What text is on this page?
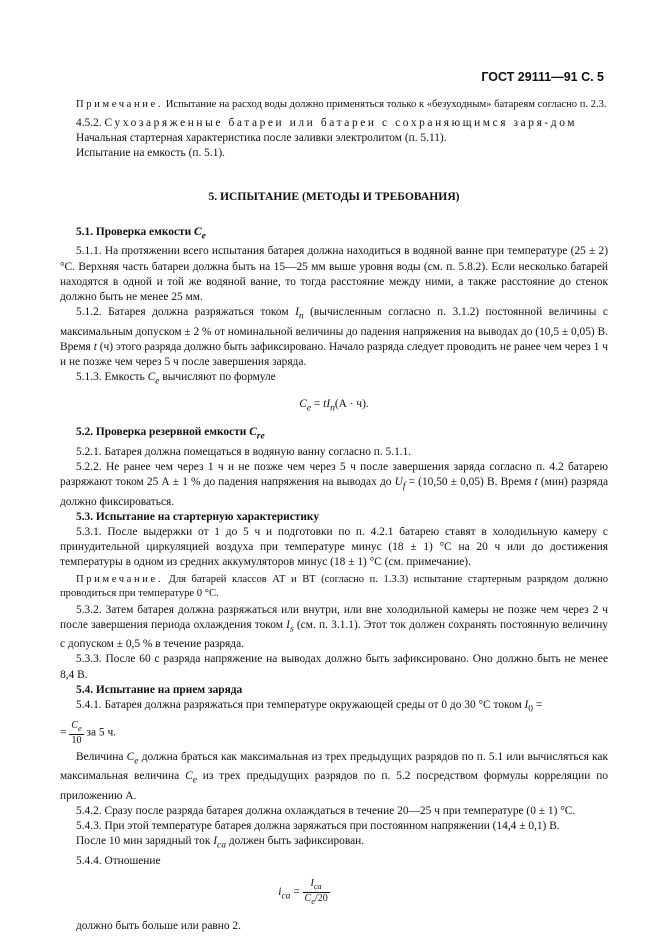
ГОСТ 29111—91 С. 5

Примечание. Испытание на расход воды должно применяться только к «безуходным» батареям согласно п. 2.3.

4.5.2. Сухозаряженные батареи или батареи с сохраняющимся заря-дом

Начальная стартерная характеристика после заливки электролитом (п. 5.11).

Испытание на емкость (п. 5.1).

5. ИСПЫТАНИЕ (МЕТОДЫ И ТРЕБОВАНИЯ)

5.1. Проверка емкости $C_e$

5.1.1. На протяжении всего испытания батарея должна находиться в водяной ванне при температуре (25 ± 2) °С. Верхняя часть батареи должна быть на 15—25 мм выше уровня воды (см. п. 5.8.2). Если несколько батарей находятся в одной и той же водяной ванне, то тогда расстояние между ними, а также расстояние до стенок должно быть не менее 25 мм.

5.1.2. Батарея должна разряжаться током $I_n$ (вычисленным согласно п. 3.1.2) постоянной величины с максимальным допуском ± 2 % от номинальной величины до падения напряжения на выводах до (10,5 ± 0,05) В. Время t (ч) этого разряда должно быть зафиксировано. Начало разряда следует проводить не ранее чем через 1 ч и не позже чем через 5 ч после завершения заряда.

5.1.3. Емкость $C_e$ вычисляют по формуле

$C_e = tI_n(А \cdot ч)$.

5.2. Проверка резервной емкости $C_{re}$

5.2.1. Батарея должна помещаться в водяную ванну согласно п. 5.1.1.

5.2.2. Не ранее чем через 1 ч и не позже чем через 5 ч после завершения заряда согласно п. 4.2 батарею разряжают током 25 А ± 1 % до падения напряжения на выводах до $U_f = (10,50 \pm 0,05)$ В. Время t (мин) разряда должно фиксироваться.

5.3. Испытание на стартерную характеристику

5.3.1. После выдержки от 1 до 5 ч и подготовки по п. 4.2.1 батарею ставят в холодильную камеру с принудительной циркуляцией воздуха при температуре минус (18 ± 1) °С на 20 ч или до достижения температуры в одном из средних аккумуляторов минус (18 ± 1) °С (см. примечание).

Примечание. Для батарей классов АТ и ВТ (согласно п. 1.3.3) испытание стартерным разрядом должно проводиться при температуре 0 °С.

5.3.2. Затем батарея должна разряжаться или внутри, или вне холодильной камеры не позже чем через 2 ч после завершения периода охлаждения током $I_s$ (см. п. 3.1.1). Этот ток должен сохранять постоянную величину с допуском ± 0,5 % в течение разряда.

5.3.3. После 60 с разряда напряжение на выводах должно быть зафиксировано. Оно должно быть не менее 8,4 В.

5.4. Испытание на прием заряда

5.4.1. Батарея должна разряжаться при температуре окружающей среды от 0 до 30 °С током $I_0$ =

= $\frac{C_e}{10}$ за 5 ч.

Величина $C_e$ должна браться как максимальная из трех предыдущих разрядов по п. 5.1 или вычисляться как максимальная величина $C_e$ из трех предыдущих разрядов по п. 5.2 посредством формулы корреляции по приложению А.

5.4.2. Сразу после разряда батарея должна охлаждаться в течение 20—25 ч при температуре (0 ± 1) °С.

5.4.3. При этой температуре батарея должна заряжаться при постоянном напряжении (14,4 ± 0,1) В.

После 10 мин зарядный ток $I_{ca}$ должен быть зафиксирован.

5.4.4. Отношение

$i_{ca} = \frac{I_{ca}}{C_e/20}$

должно быть больше или равно 2.
